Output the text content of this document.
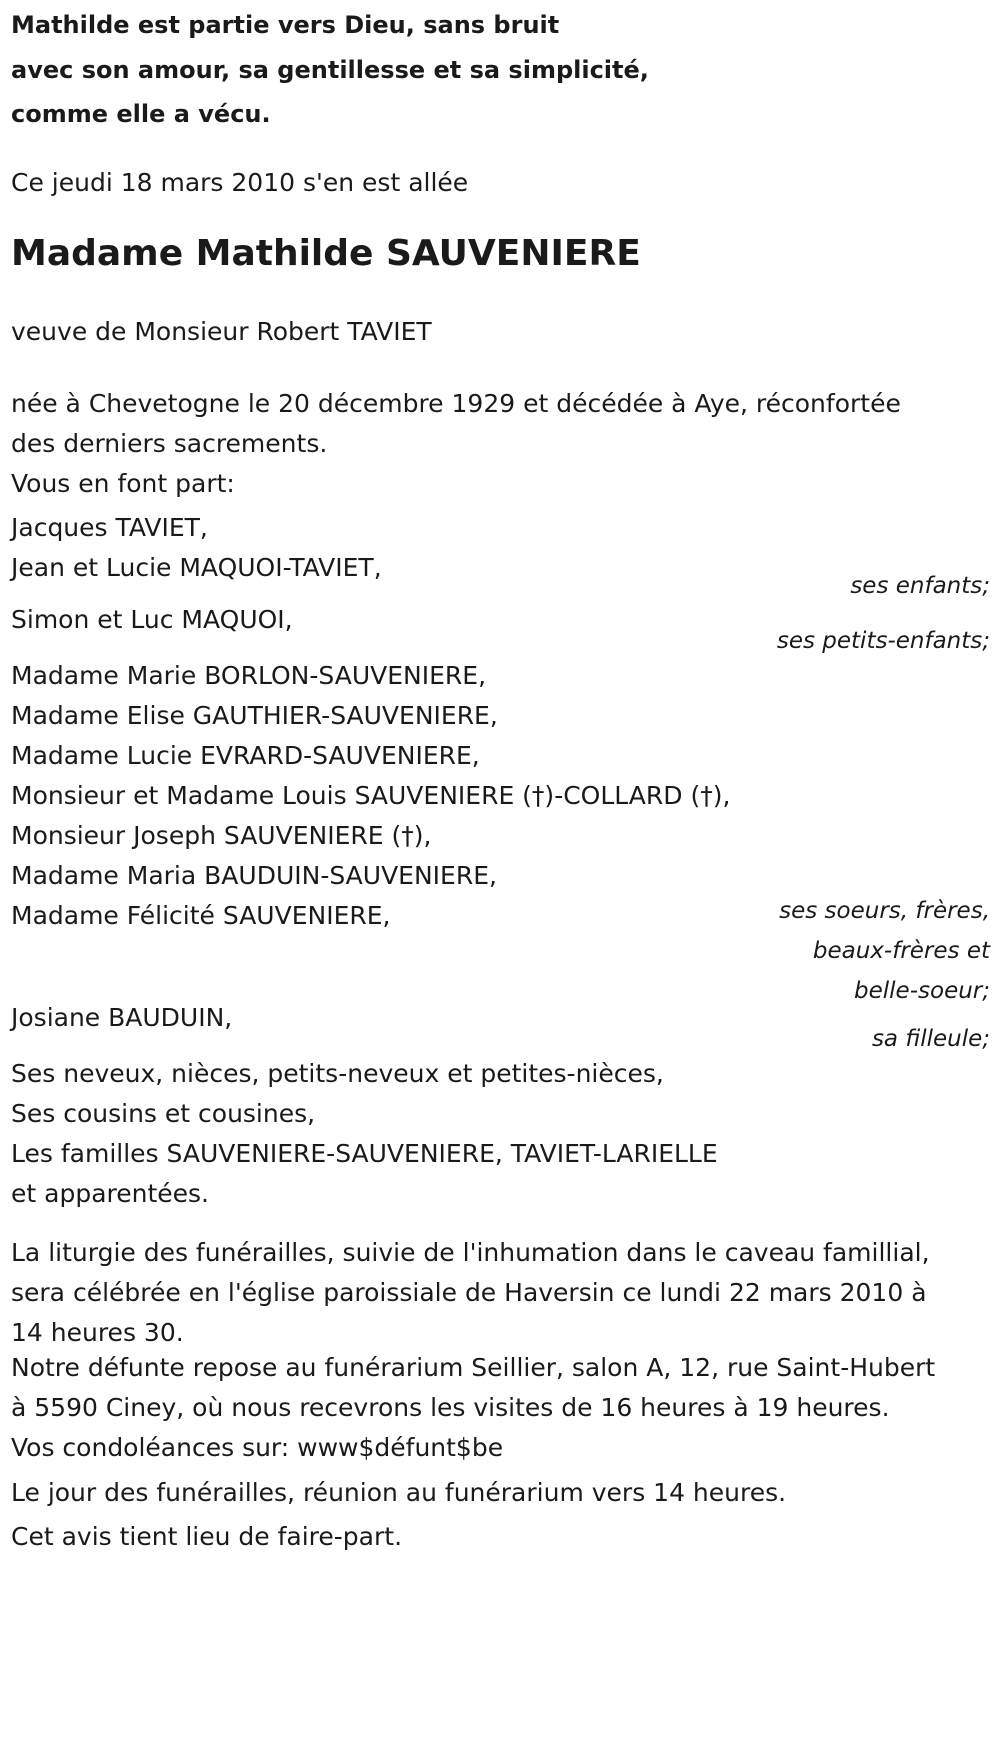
Mathilde est partie vers Dieu, sans bruit
avec son amour, sa gentillesse et sa simplicité,
comme elle a vécu.
Ce jeudi 18 mars 2010 s'en est allée
Madame Mathilde SAUVENIERE
veuve de Monsieur Robert TAVIET
née à Chevetogne le 20 décembre 1929 et décédée à Aye, réconfortée
des derniers sacrements.
Vous en font part:
Jacques TAVIET,
Jean et Lucie MAQUOI-TAVIET,
ses enfants;
Simon et Luc MAQUOI,
ses petits-enfants;
Madame Marie BORLON-SAUVENIERE,
Madame Elise GAUTHIER-SAUVENIERE,
Madame Lucie EVRARD-SAUVENIERE,
Monsieur et Madame Louis SAUVENIERE (†)-COLLARD (†),
Monsieur Joseph SAUVENIERE (†),
Madame Maria BAUDUIN-SAUVENIERE,
Madame Félicité SAUVENIERE,	ses soeurs, frères,
beaux-frères et
belle-soeur;
Josiane BAUDUIN,
sa filleule;
Ses neveux, nièces, petits-neveux et petites-nièces,
Ses cousins et cousines,
Les familles SAUVENIERE-SAUVENIERE, TAVIET-LARIELLE
et apparentées.
La liturgie des funérailles, suivie de l'inhumation dans le caveau famillial,
sera célébrée en l'église paroissiale de Haversin ce lundi 22 mars 2010 à
14 heures 30.
Notre défunte repose au funérarium Seillier, salon A, 12, rue Saint-Hubert
à 5590 Ciney, où nous recevrons les visites de 16 heures à 19 heures.
Vos condoléances sur: www$défunt$be
Le jour des funérailles, réunion au funérarium vers 14 heures.
Cet avis tient lieu de faire-part.
